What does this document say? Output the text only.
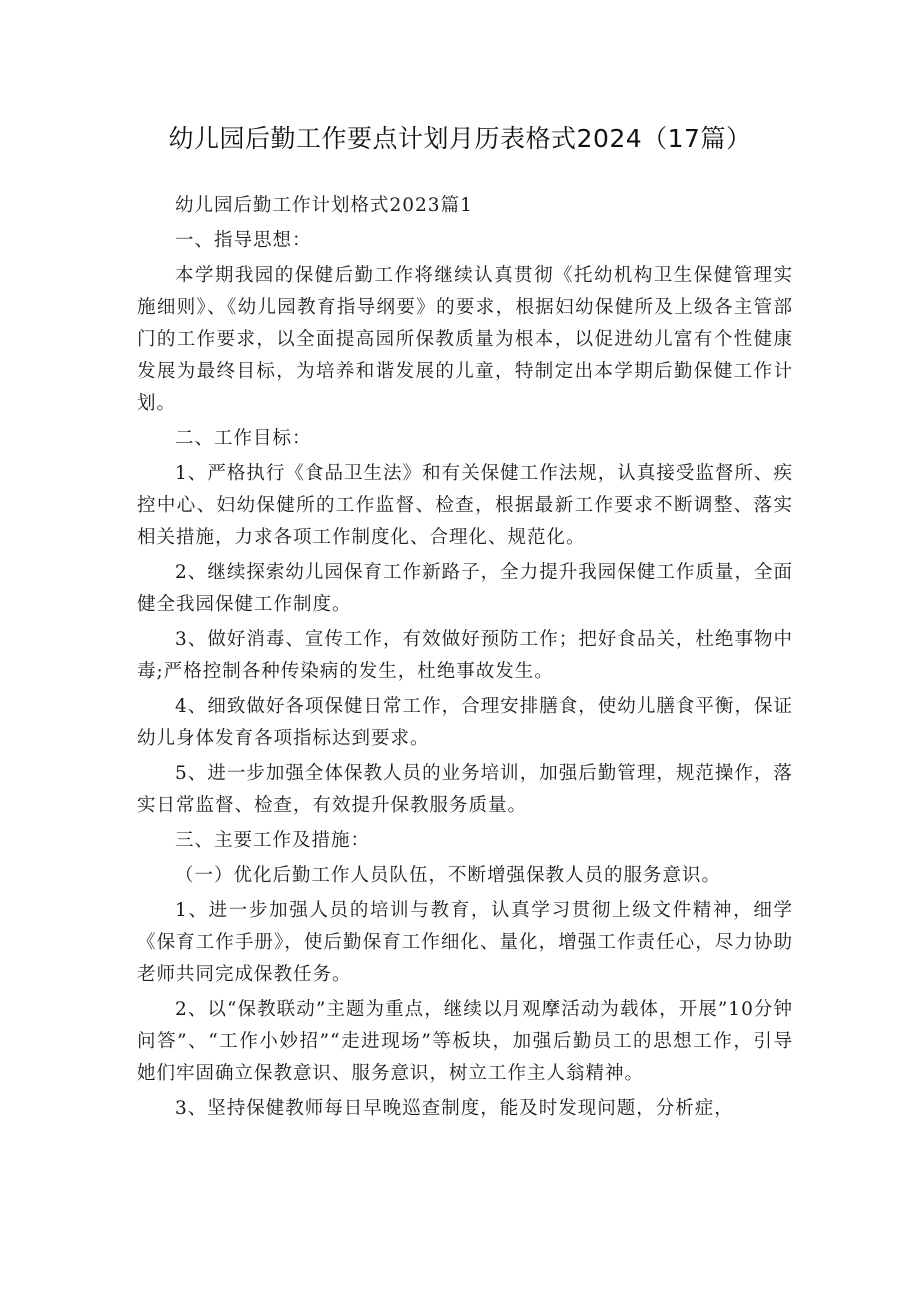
幼儿园后勤工作要点计划月历表格式2024（17篇）

幼儿园后勤工作计划格式2023篇1

一、指导思想：

本学期我园的保健后勤工作将继续认真贯彻《托幼机构卫生保健管理实施细则》、《幼儿园教育指导纲要》的要求，根据妇幼保健所及上级各主管部门的工作要求，以全面提高园所保教质量为根本，以促进幼儿富有个性健康发展为最终目标，为培养和谐发展的儿童，特制定出本学期后勤保健工作计划。

二、工作目标：

1、严格执行《食品卫生法》和有关保健工作法规，认真接受监督所、疾控中心、妇幼保健所的工作监督、检查，根据最新工作要求不断调整、落实相关措施，力求各项工作制度化、合理化、规范化。

2、继续探索幼儿园保育工作新路子，全力提升我园保健工作质量，全面健全我园保健工作制度。

3、做好消毒、宣传工作，有效做好预防工作；把好食品关，杜绝事物中毒;严格控制各种传染病的发生，杜绝事故发生。

4、细致做好各项保健日常工作，合理安排膳食，使幼儿膳食平衡，保证幼儿身体发育各项指标达到要求。

5、进一步加强全体保教人员的业务培训，加强后勤管理，规范操作，落实日常监督、检查，有效提升保教服务质量。

三、主要工作及措施：

（一）优化后勤工作人员队伍，不断增强保教人员的服务意识。

1、进一步加强人员的培训与教育，认真学习贯彻上级文件精神，细学《保育工作手册》，使后勤保育工作细化、量化，增强工作责任心，尽力协助老师共同完成保教任务。

2、以“保教联动”主题为重点，继续以月观摩活动为载体，开展”10分钟问答”、“工作小妙招”“走进现场”等板块，加强后勤员工的思想工作，引导她们牢固确立保教意识、服务意识，树立工作主人翁精神。

3、坚持保健教师每日早晚巡查制度，能及时发现问题，分析症，
